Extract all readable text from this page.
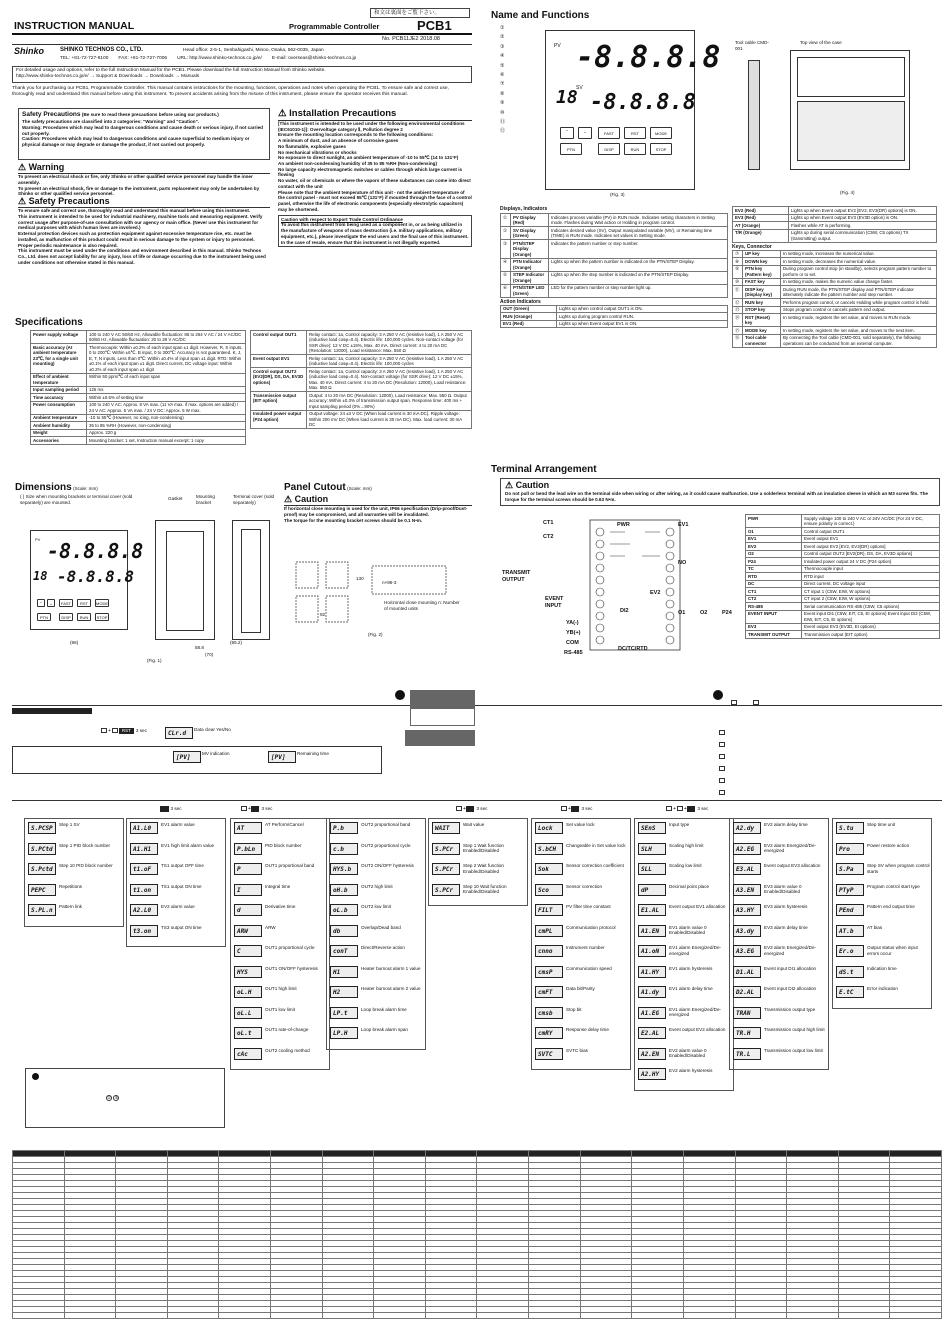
INSTRUCTION MANUAL	Programmable Controller	PCB1
和文は裏面をご覧下さい。
No. PCB11JE2 2018.08
Shinko	SHINKO TECHNOS CO., LTD.	Head office: 2-5-1, Senbahigashi, Minoo, Osaka, 562-0035, Japan
TEL: +81-72-727-6100 FAX: +81-72-727-7006 URL: http://www.shinko-technos.co.jp/e/ E-mail: overseas@shinko-technos.co.jp
For detailed usage and options, refer to the full Instruction Manual for the PCB1. Please download the full Instruction Manual from Shinko website.
http://www.shinko-technos.co.jp/e/ → Support & Downloads → Downloads → Manuals
Thank you for purchasing our PCB1, Programmable Controller. This manual contains instructions for the mounting, functions, operations and notes when operating the PCB1. To ensure safe and correct use, thoroughly read and understand this manual before using this instrument. To prevent accidents arising from the misuse of this instrument, please ensure the operator receives this manual.
Safety Precautions (Be sure to read these precautions before using our products.)
The safety precautions are classified into 2 categories: "Warning" and "Caution".
Warning: Procedures which may lead to dangerous conditions and cause death or serious injury, if not carried out properly.
Caution: Procedures which may lead to dangerous conditions and cause superficial to medium injury or physical damage or may degrade or damage the product, if not carried out properly.
⚠ Warning
To prevent an electrical shock or fire, only Shinko or other qualified service personnel may handle the inner assembly.
To prevent an electrical shock, fire or damage to the instrument, parts replacement may only be undertaken by Shinko or other qualified service personnel.
⚠ Safety Precautions
To ensure safe and correct use, thoroughly read and understand this manual before using this instrument.
This instrument is intended to be used for industrial machinery, machine tools and measuring equipment. Verify correct usage after purpose-of-use consultation with our agency or main office. (Never use this instrument for medical purposes with which human lives are involved.)
External protection devices such as protection equipment against excessive temperature rise, etc. must be installed, as malfunction of this product could result in serious damage to the system or injury to personnel. Proper periodic maintenance is also required.
This instrument must be used under the conditions and environment described in this manual. Shinko Technos Co., Ltd. does not accept liability for any injury, loss of life or damage occurring due to the instrument being used under conditions not otherwise stated in this manual.
⚠ Installation Precautions
[This instrument is intended to be used under the following environmental conditions (IEC61010-1)]: Overvoltage category Ⅱ, Pollution degree 2
Ensure the mounting location corresponds to the following conditions:
A minimum of dust, and an absence of corrosive gases
No flammable, explosive gases
No mechanical vibrations or shocks
No exposure to direct sunlight, an ambient temperature of -10 to 55℃ (14 to 131°F)
An ambient non-condensing humidity of 35 to 85 %RH (Non-condensing)
No large capacity electromagnetic switches or cables through which large current is flowing
No water, oil or chemicals or where the vapors of these substances can come into direct contact with the unit
Please note that the ambient temperature of this unit - not the ambient temperature of the control panel - must not exceed 55℃ (131°F) if mounted through the face of a control panel, otherwise the life of electronic components (especially electrolytic capacitors) may be shortened.
Caution with respect to Export Trade Control Ordinance
To avoid this instrument from being used as a component in, or as being utilized in the manufacture of weapons of mass destruction (i.e. military applications, military equipment, etc.), please investigate the end users and the final use of this instrument. In the case of resale, ensure that this instrument is not illegally exported.
Specifications
Power supply voltage	100 to 240 V AC 50/60 Hz, Allowable fluctuation: 85 to 264 V AC / 24 V AC/DC 50/60 Hz, Allowable fluctuation: 20 to 28 V AC/DC
Basic accuracy (At ambient temperature 23℃, for a single unit mounting)	Thermocouple: Within ±0.2% of each input span ±1 digit. However, R, S inputs, 0 to 200℃: Within ±6℃. B input, 0 to 300℃: Accuracy is not guaranteed. K, J, E, T, N inputs, Less than 0℃: Within ±0.4% of input span ±1 digit. RTD: Within ±0.1% of each input span ±1 digit. Direct current, DC voltage input: Within ±0.2% of each input span ±1 digit
Effect of ambient temperature	Within 50 ppm/℃ of each input span
Input sampling period	125 ms
Time accuracy	Within ±0.5% of setting time
Power consumption	100 to 240 V AC: Approx. 8 VA max. (11 VA max. if max. options are added) / 24 V AC: Approx. 5 VA max. / 24 V DC: Approx. 5 W max.
Ambient temperature	-10 to 55℃ (However, no icing, non-condensing)
Ambient humidity	35 to 85 %RH (However, non-condensing)
Weight	Approx. 220 g
Accessories	Mounting bracket: 1 set, Instruction manual excerpt: 1 copy
Control output OUT1	Relay contact: 1a, Control capacity: 3 A 250 V AC (resistive load), 1 A 250 V AC (inductive load cosφ=0.4). Electric life: 100,000 cycles. Non-contact voltage (for SSR drive): 12 V DC ±15%, Max. 40 mA. Direct current: 4 to 20 mA DC (Resolution: 12000), Load resistance: Max. 550 Ω
Event output EV1	Relay contact: 1a, Control capacity: 3 A 250 V AC (resistive load), 1 A 250 V AC (inductive load cosφ=0.4). Electric life: 100,000 cycles
Control output OUT2 (EV2(DR), DS, DA, EV3D options)	Relay contact: 1a, Control capacity: 3 A 250 V AC (resistive load), 1 A 250 V AC (inductive load cosφ=0.4). Non-contact voltage (for SSR drive): 12 V DC ±15%, Max. 40 mA. Direct current: 4 to 20 mA DC (Resolution: 12000), Load resistance: Max. 550 Ω
Transmission output (EIT option)	Output: 4 to 20 mA DC (Resolution: 12000), Load resistance: Max. 550 Ω. Output accuracy: Within ±0.3% of transmission output span. Response time: 400 ms + Input sampling period (0%→90%)
Insulated power output (P24 option)	Output voltage: 24 ±3 V DC (When load current is 30 mA DC). Ripple voltage: Within 200 mV DC (When load current is 30 mA DC). Max. load current: 30 mA DC
Dimensions (Scale: mm)
( ) Size when mounting brackets or terminal cover (sold separately) are mounted.
Gasket	Mounting bracket
Terminal cover (sold separately)
-8.8.8.8
PV
18 -8.8.8.8
⌃	⌄	FAST	RST	MODE
PTN	DISP	RUN	STOP
(96)
58.8
(70)
(95.2)
(Fig. 1)
Panel Cutout (Scale: mm)
⚠ Caution
If horizontal close mounting is used for the unit, IP66 specification (Drip-proof/Dust-proof) may be compromised, and all warranties will be invalidated.
The torque for the mounting bracket screws should be 0.1 N•m.
92
130
n×96-3
Horizontal close mounting n: Number of mounted units
(Fig. 2)
Name and Functions
PV -8.8.8.8
18
SV
-8.8.8.8
⌃	⌄	FAST	RST	MODE
PTN	DISP	RUN	STOP
①
②
③
④
⑤
⑥
⑦
⑧
⑨
⑩
⑪
⑫
Tool cable CMD-001
Top view of the case
(Fig. 3)	(Fig. 4)
Displays, Indicators
①	PV Display (Red)	Indicates process variable (PV) in RUN mode. Indicates setting characters in Setting mode. Flashes during Wait action or Holding in program control.
②	SV Display (Green)	Indicates desired value (SV), Output manipulated variable (MV), or Remaining time (TIME) in RUN mode. Indicates set values in Setting mode.
③	PTN/STEP Display (Orange)	Indicates the pattern number or step number.
④	PTN Indicator (Orange)	Lights up when the pattern number is indicated on the PTN/STEP Display.
⑤	STEP Indicator (Orange)	Lights up when the step number is indicated on the PTN/STEP Display.
⑥	PTN/STEP LED (Green)	LED for the pattern number or step number light up.
Action Indicators
OUT (Green)	Lights up when control output OUT1 is ON.
RUN (Orange)	Lights up during program control RUN.
EV1 (Red)	Lights up when Event output EV1 is ON.
EV2 (Red)	Lights up when Event output EV2 [EV2, EV3(DR) options] is ON.
EV3 (Red)	Lights up when Event output EV3 (EV3D option) is ON.
AT (Orange)	Flashes while AT is performing.
T/R (Orange)	Lights up during serial communication (C5W, C5 options) TX (transmitting) output.
Keys, Connector
⑦	UP key	In setting mode, increases the numerical value.
⑧	DOWN key	In setting mode, decreases the numerical value.
⑨	PTN key (Pattern key)	During program control stop (in standby), selects program pattern number to perform or to set.
⑩	FAST key	In setting mode, makes the numeric value change faster.
⑪	DISP key (Display key)	During RUN mode, the PTN/STEP display and PTN/STEP indicator alternately indicate the pattern number and step number.
⑫	RUN key	Performs program control, or cancels Holding while program control is held.
⑬	STOP key	Stops program control or cancels pattern end output.
⑭	RST (Reset) key	In setting mode, registers the set value, and moves to RUN mode.
⑮	MODE key	In setting mode, registers the set value, and moves to the next item.
⑯	Tool cable connector	By connecting the Tool cable (CMD-001, sold separately), the following operations can be conducted from an external computer.
Terminal Arrangement
⚠ Caution
Do not pull or bend the lead wire on the terminal side when wiring or after wiring, as it could cause malfunction. Use a solderless terminal with an insulation sleeve in which an M3 screw fits. The torque for the terminal screws should be 0.63 N•m.
CT1
CT2
PWR	EV1
NO
TRANSMIT OUTPUT
EVENT INPUT
EV2
O1	O2	P24
YA(-)
YB(+)
COM
RS-485
DC/TC/RTD
DI2
PWR	Supply voltage 100 to 240 V AC or 24V AC/DC (For 24 V DC, ensure polarity is correct.)
O1	Control output OUT1
EV1	Event output EV1
EV2	Event output EV2 [EV2, EV3(DR) options]
O2	Control output OUT2 [EV2(DR), DS, DA, EV3D options]
P24	Insulated power output 24 V DC (P24 option)
TC	Thermocouple input
RTD	RTD input
DC	Direct current, DC voltage input
CT1	CT input 1 (C5W, EIW, W options)
CT2	CT input 2 (C5W, EIW, W options)
RS-485	Serial communication RS-485 (C5W, C5 options)
EVENT INPUT	Event input DI1 (C5W, EIT, C5, EI options) Event input DI2 (C5W, EIW, EIT, C5, EI options)
EV3	Event output EV3 (EV3D, EI options)
TRANSMIT OUTPUT	Transmission output (EIT option)
+ RST 3 sec	CLr.dData clear Yes/No
[PV]MV indication
[PV]Remaining time
3 sec	+ 3 sec	+ 3 sec	+ 3 sec	+ + 3 sec
S.PCSP
Step 1 SV
S.PCtd
Step 1 PID block number
S.Pctd
Step 10 PID block number
PEPC
Repetitions
S.PL.n
Pattern link
A1.L0
EV1 alarm value
A1.H1
EV1 high limit alarm value
t1.oF
TS1 output OFF time
t1.on
TS1 output ON time
A2.L0
EV2 alarm value
t3.on
TS3 output ON time
AT
AT Perform/Cancel
P.bLn
PID block number
P
OUT1 proportional band
I
Integral time
d
Derivative time
ARW
ARW
C
OUT1 proportional cycle
HYS
OUT1 ON/OFF hysteresis
oL.H
OUT1 high limit
oL.L
OUT1 low limit
oL.t
OUT1 rate-of-change
cAc
OUT2 cooling method
P.b
OUT2 proportional band
c.b
OUT2 proportional cycle
HYS.b
OUT2 ON/OFF hysteresis
oH.b
OUT2 high limit
oL.b
OUT2 low limit
db
Overlap/Dead band
conT
Direct/Reverse action
H1
Heater burnout alarm 1 value
H2
Heater burnout alarm 2 value
LP.t
Loop break alarm time
LP.H
Loop break alarm span
WAIT
Wait value
S.PCr
Step 1 Wait function Enabled/Disabled
S.PCr
Step 2 Wait function Enabled/Disabled
S.PCr
Step 10 Wait function Enabled/Disabled
Lock
Set value lock
S.bCH
Changeable in Set value lock
Sok
Sensor correction coefficient
Sco
Sensor correction
FILT
PV filter time constant
cmPL
Communication protocol
cnno
Instrument number
cmsP
Communication speed
cmFT
Data bit/Parity
cmsb
Stop bit
cmRY
Response delay time
SVTC
SVTC bias
SEnS
Input type
SLH
Scaling high limit
SLL
Scaling low limit
dP
Decimal point place
E1.AL
Event output EV1 allocation
A1.EN
EV1 alarm value 0 Enabled/Disabled
A1.oN
EV1 alarm Energized/De-energized
A1.HY
EV1 alarm hysteresis
A1.dy
EV1 alarm delay time
A1.EG
EV1 alarm Energized/De-energized
E2.AL
Event output EV2 allocation
A2.EN
EV2 alarm value 0 Enabled/Disabled
A2.HY
EV2 alarm hysteresis
A2.dy
EV2 alarm delay time
A2.EG
EV2 alarm Energized/De-energized
E3.AL
Event output EV3 allocation
A3.EN
EV3 alarm value 0 Enabled/Disabled
A3.HY
EV3 alarm hysteresis
A3.dy
EV3 alarm delay time
A3.EG
EV3 alarm Energized/De-energized
D1.AL
Event input DI1 allocation
D2.AL
Event input DI2 allocation
TRAN
Transmission output type
TR.H
Transmission output high limit
TR.L
Transmission output low limit
S.tu
Step time unit
Pro
Power restore action
S.Pa
Step SV when program control starts
PTyP
Program control start type
PEnd
Pattern end output time
AT.b
AT bias
Er.o
Output status when input errors occur
dS.t
Indication time
E.tC
Error indication
① ③
